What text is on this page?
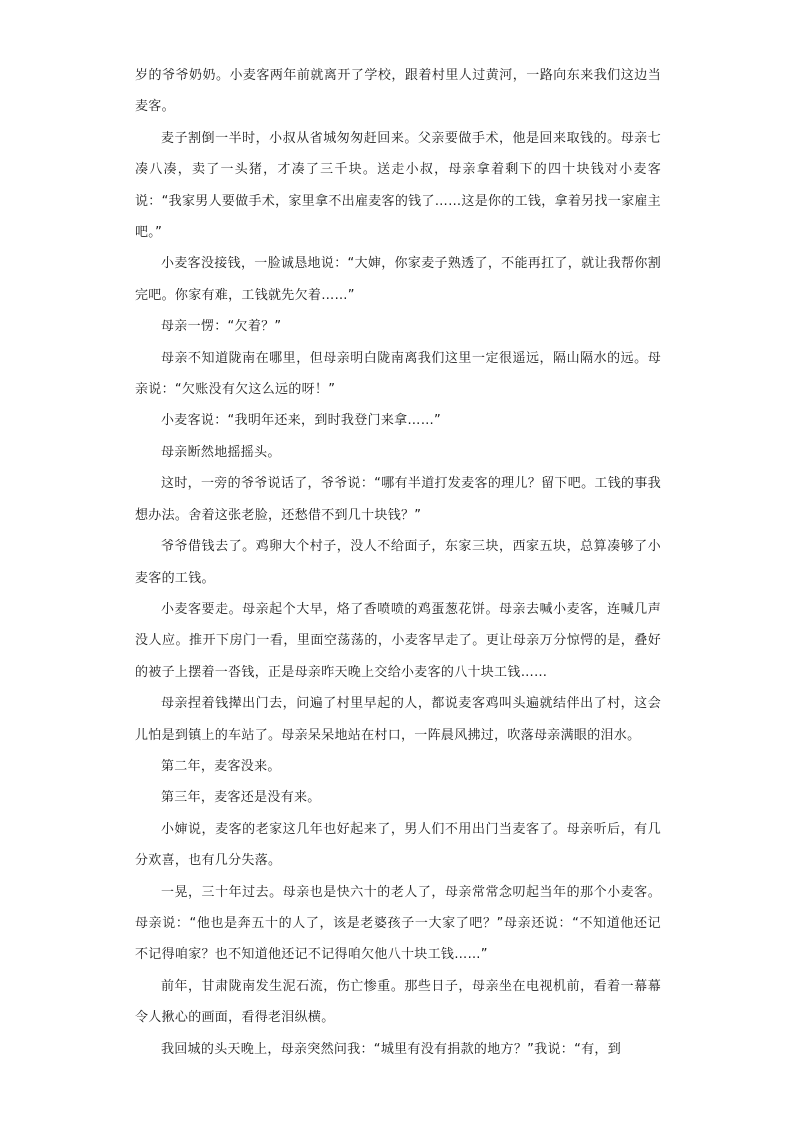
岁的爷爷奶奶。小麦客两年前就离开了学校，跟着村里人过黄河，一路向东来我们这边当麦客。

麦子割倒一半时，小叔从省城匆匆赶回来。父亲要做手术，他是回来取钱的。母亲七凑八凑，卖了一头猪，才凑了三千块。送走小叔，母亲拿着剩下的四十块钱对小麦客说：“我家男人要做手术，家里拿不出雇麦客的钱了……这是你的工钱，拿着另找一家雇主吧。”

小麦客没接钱，一脸诚恳地说：“大婶，你家麦子熟透了，不能再扛了，就让我帮你割完吧。你家有难，工钱就先欠着……”

母亲一愣：“欠着？”

母亲不知道陇南在哪里，但母亲明白陇南离我们这里一定很遥远，隔山隔水的远。母亲说：“欠账没有欠这么远的呀！”

小麦客说：“我明年还来，到时我登门来拿……”

母亲断然地摇摇头。

这时，一旁的爷爷说话了，爷爷说：“哪有半道打发麦客的理儿？留下吧。工钱的事我想办法。舍着这张老脸，还愁借不到几十块钱？”

爷爷借钱去了。鸡卵大个村子，没人不给面子，东家三块，西家五块，总算凑够了小麦客的工钱。

小麦客要走。母亲起个大早，烙了香喷喷的鸡蛋葱花饼。母亲去喊小麦客，连喊几声没人应。推开下房门一看，里面空荡荡的，小麦客早走了。更让母亲万分惊愕的是，叠好的被子上摆着一沓钱，正是母亲昨天晚上交给小麦客的八十块工钱……

母亲捏着钱撵出门去，问遍了村里早起的人，都说麦客鸡叫头遍就结伴出了村，这会儿怕是到镇上的车站了。母亲呆呆地站在村口，一阵晨风拂过，吹落母亲满眼的泪水。

第二年，麦客没来。

第三年，麦客还是没有来。

小婶说，麦客的老家这几年也好起来了，男人们不用出门当麦客了。母亲听后，有几分欢喜，也有几分失落。

一晃，三十年过去。母亲也是快六十的老人了，母亲常常念叨起当年的那个小麦客。母亲说：“他也是奔五十的人了，该是老婆孩子一大家了吧？”母亲还说：“不知道他还记不记得咱家？也不知道他还记不记得咱欠他八十块工钱……”

前年，甘肃陇南发生泥石流，伤亡惨重。那些日子，母亲坐在电视机前，看着一幕幕令人揪心的画面，看得老泪纵横。

我回城的头天晚上，母亲突然问我：“城里有没有捐款的地方？”我说：“有，到
